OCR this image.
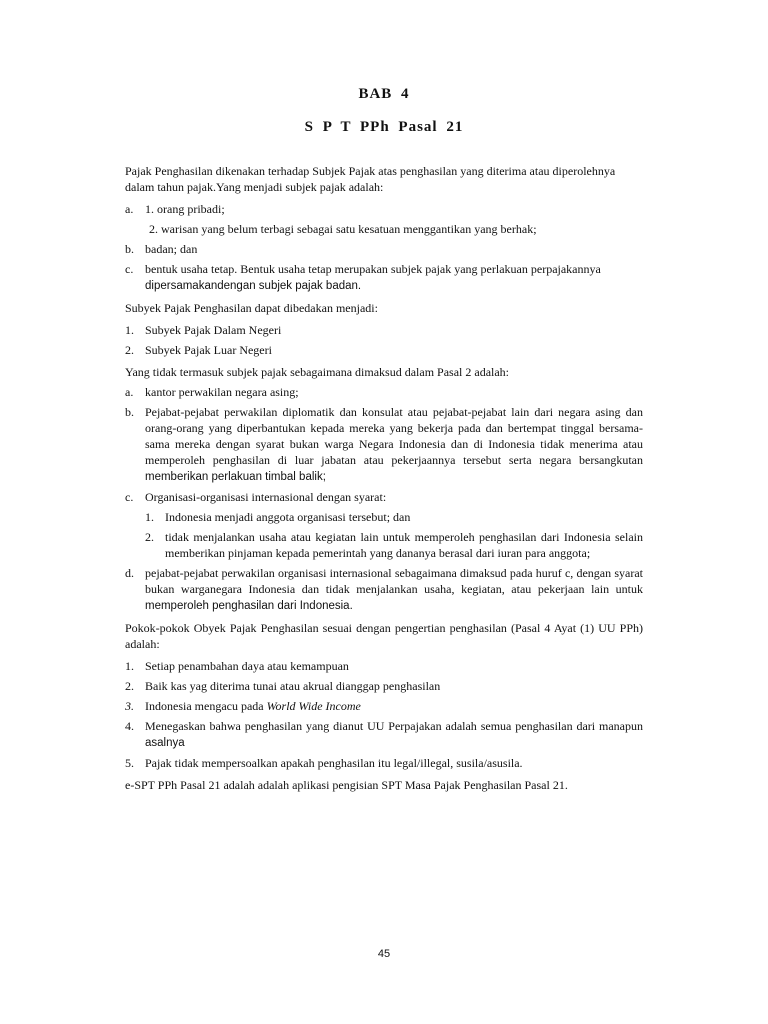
BAB 4
S P T PPh Pasal 21

Pajak Penghasilan dikenakan terhadap Subjek Pajak atas penghasilan yang diterima atau diperolehnya dalam tahun pajak.Yang menjadi subjek pajak adalah:

a. 1. orang pribadi;
2. warisan yang belum terbagi sebagai satu kesatuan menggantikan yang berhak;
b. badan; dan
c. bentuk usaha tetap. Bentuk usaha tetap merupakan subjek pajak yang perlakuan perpajakannya
dipersamakandengan subjek pajak badan.

Subyek Pajak Penghasilan dapat dibedakan menjadi:

1. Subyek Pajak Dalam Negeri
2. Subyek Pajak Luar Negeri

Yang tidak termasuk subjek pajak sebagaimana dimaksud dalam Pasal 2 adalah:

a. kantor perwakilan negara asing;
b. Pejabat-pejabat perwakilan diplomatik dan konsulat atau pejabat-pejabat lain dari negara asing dan orang-orang yang diperbantukan kepada mereka yang bekerja pada dan bertempat tinggal bersama-sama mereka dengan syarat bukan warga Negara Indonesia dan di Indonesia tidak menerima atau memperoleh penghasilan di luar jabatan atau pekerjaannya tersebut serta negara bersangkutan memberikan perlakuan timbal balik;
c. Organisasi-organisasi internasional dengan syarat:
1. Indonesia menjadi anggota organisasi tersebut; dan
2. tidak menjalankan usaha atau kegiatan lain untuk memperoleh penghasilan dari Indonesia selain memberikan pinjaman kepada pemerintah yang dananya berasal dari iuran para anggota;
d. pejabat-pejabat perwakilan organisasi internasional sebagaimana dimaksud pada huruf c, dengan syarat bukan warganegara Indonesia dan tidak menjalankan usaha, kegiatan, atau pekerjaan lain untuk memperoleh penghasilan dari Indonesia.

Pokok-pokok Obyek Pajak Penghasilan sesuai dengan pengertian penghasilan (Pasal 4 Ayat (1) UU PPh) adalah:

1. Setiap penambahan daya atau kemampuan
2. Baik kas yag diterima tunai atau akrual dianggap penghasilan
3. Indonesia mengacu pada World Wide Income
4. Menegaskan bahwa penghasilan yang dianut UU Perpajakan adalah semua penghasilan dari manapun asalnya
5. Pajak tidak mempersoalkan apakah penghasilan itu legal/illegal, susila/asusila.

e-SPT PPh Pasal 21 adalah adalah aplikasi pengisian SPT Masa Pajak Penghasilan Pasal 21.

45
